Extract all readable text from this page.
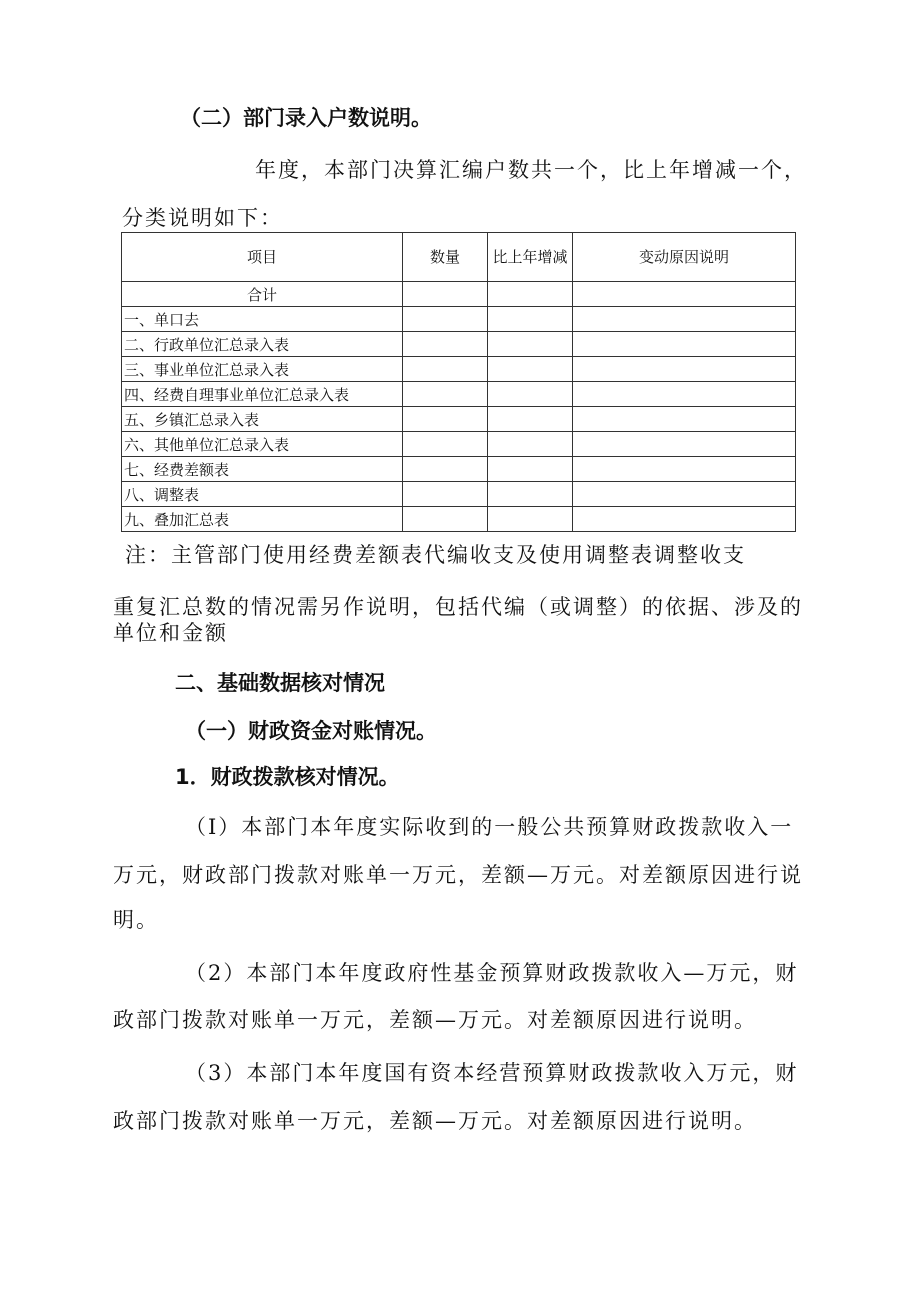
（二）部门录入户数说明。
年度，本部门决算汇编户数共一个，比上年增减一个，
分类说明如下：
项目	数量	比上年增减	变动原因说明
合计			
一、单口去			
二、行政单位汇总录入表			
三、事业单位汇总录入表			
四、经费自理事业单位汇总录入表			
五、乡镇汇总录入表			
六、其他单位汇总录入表			
七、经费差额表			
八、调整表			
九、叠加汇总表			
注：主管部门使用经费差额表代编收支及使用调整表调整收支
重复汇总数的情况需另作说明，包括代编（或调整）的依据、涉及的
单位和金额
二、基础数据核对情况
（一）财政资金对账情况。
1．财政拨款核对情况。
（I）本部门本年度实际收到的一般公共预算财政拨款收入一
万元，财政部门拨款对账单一万元，差额—万元。对差额原因进行说
明。
（2）本部门本年度政府性基金预算财政拨款收入—万元，财
政部门拨款对账单一万元，差额—万元。对差额原因进行说明。
（3）本部门本年度国有资本经营预算财政拨款收入万元，财
政部门拨款对账单一万元，差额—万元。对差额原因进行说明。
